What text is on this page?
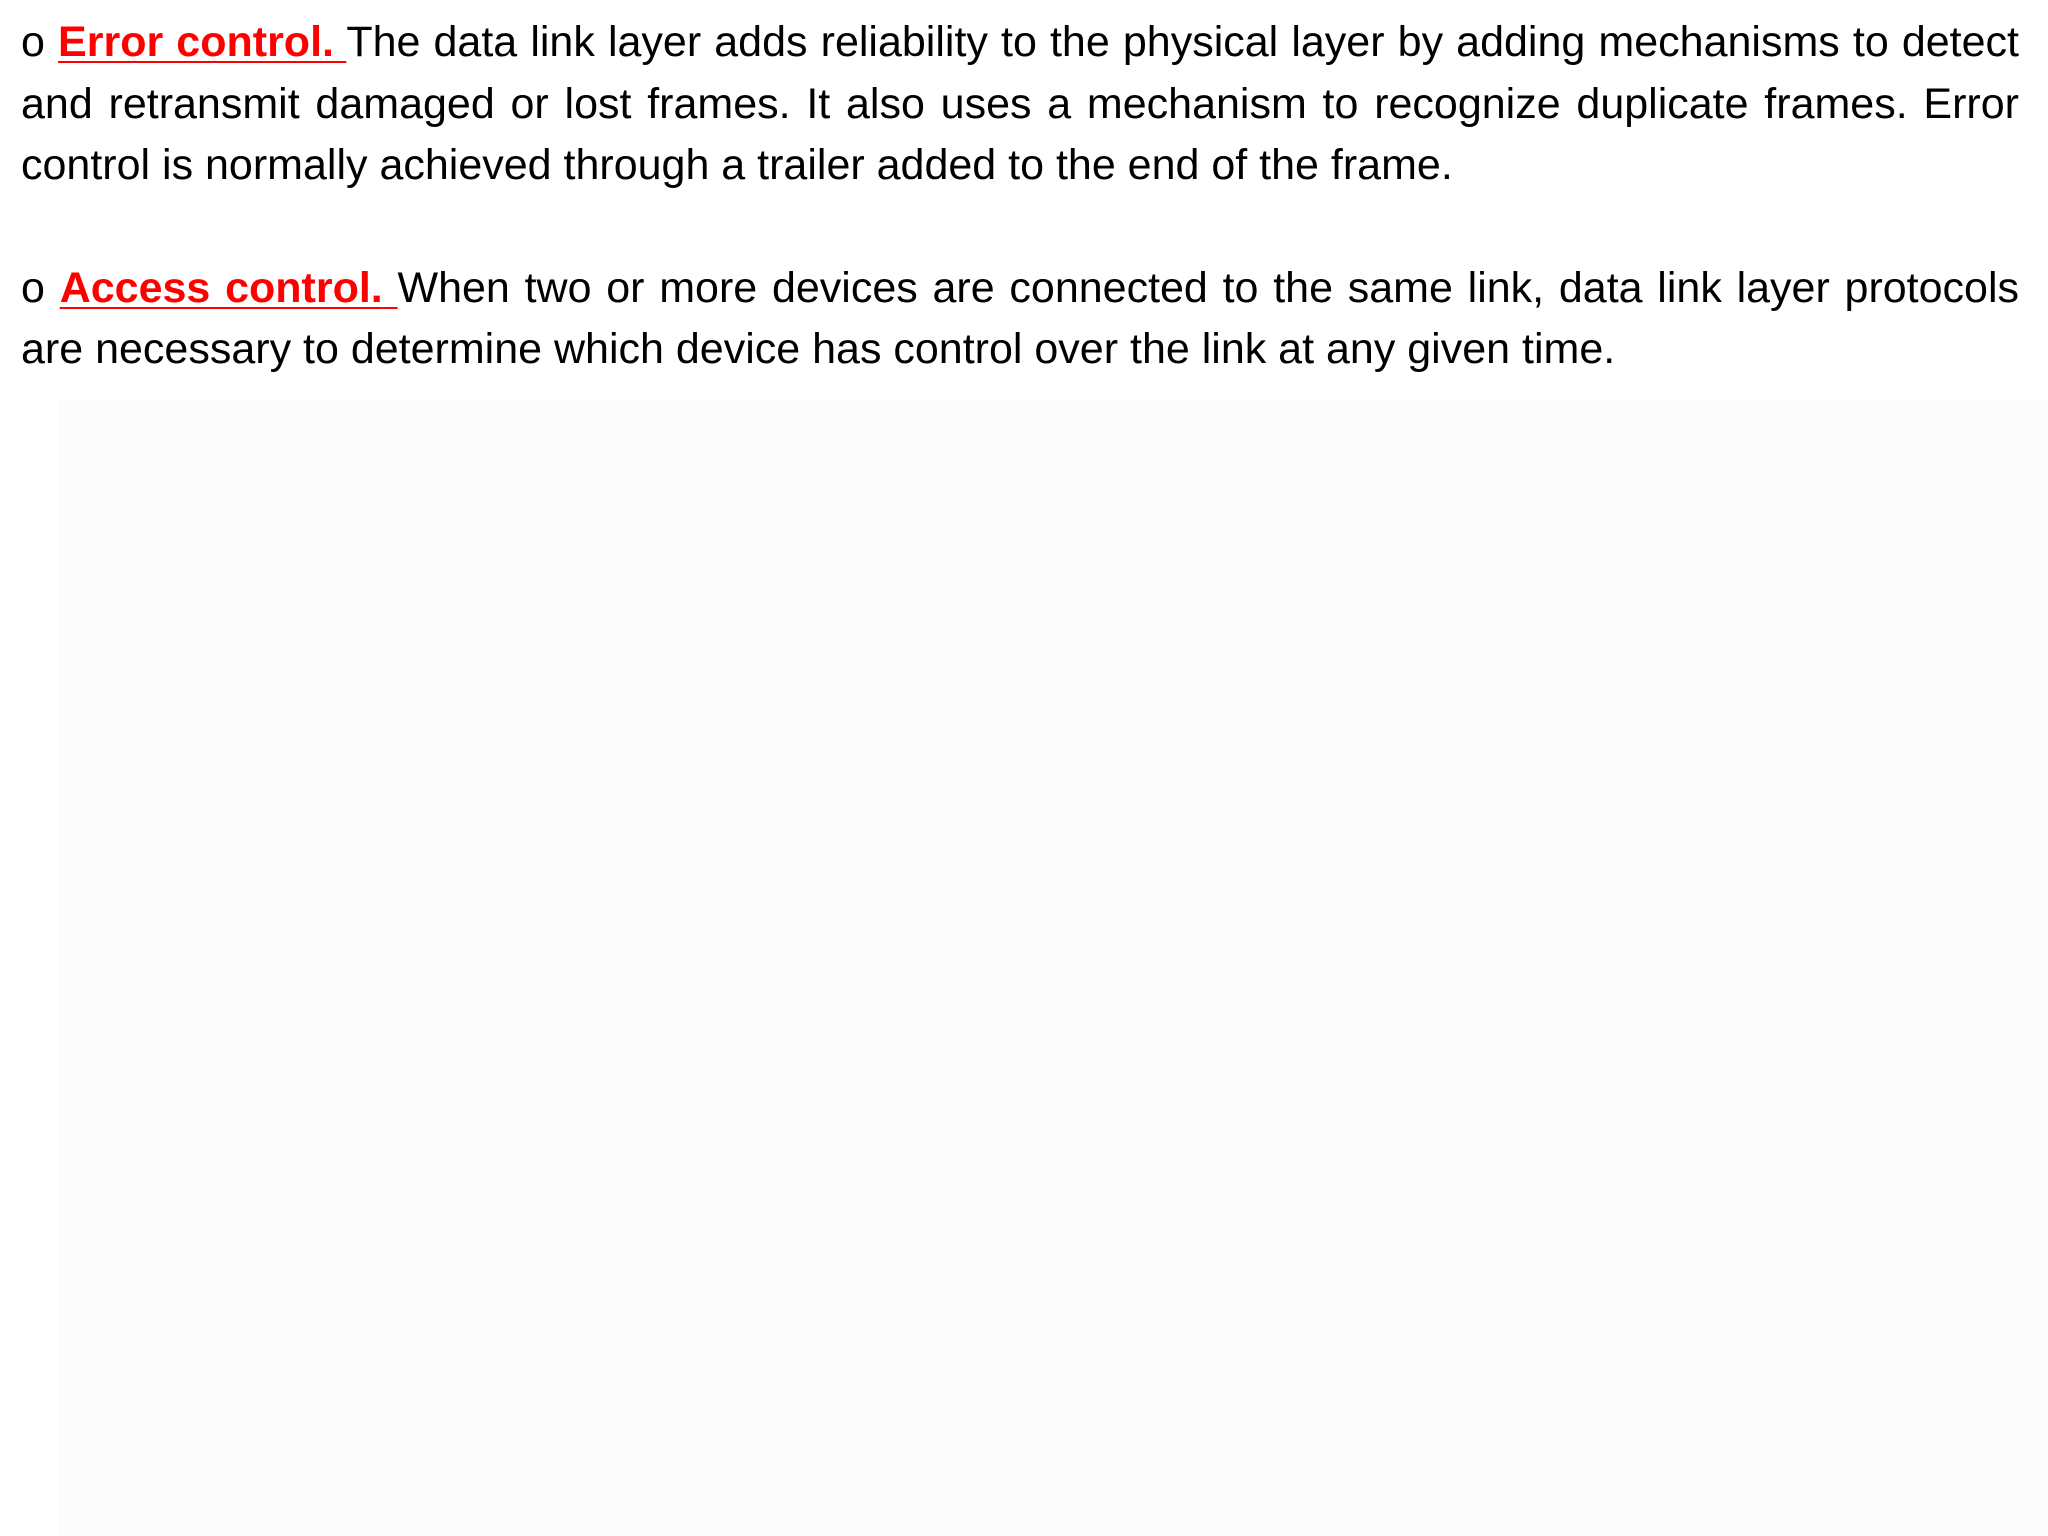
o Error control. The data link layer adds reliability to the physical layer by adding mechanisms to detect and retransmit damaged or lost frames. It also uses a mechanism to recognize duplicate frames. Error control is normally achieved through a trailer added to the end of the frame.

o Access control. When two or more devices are connected to the same link, data link layer protocols are necessary to determine which device has control over the link at any given time.
